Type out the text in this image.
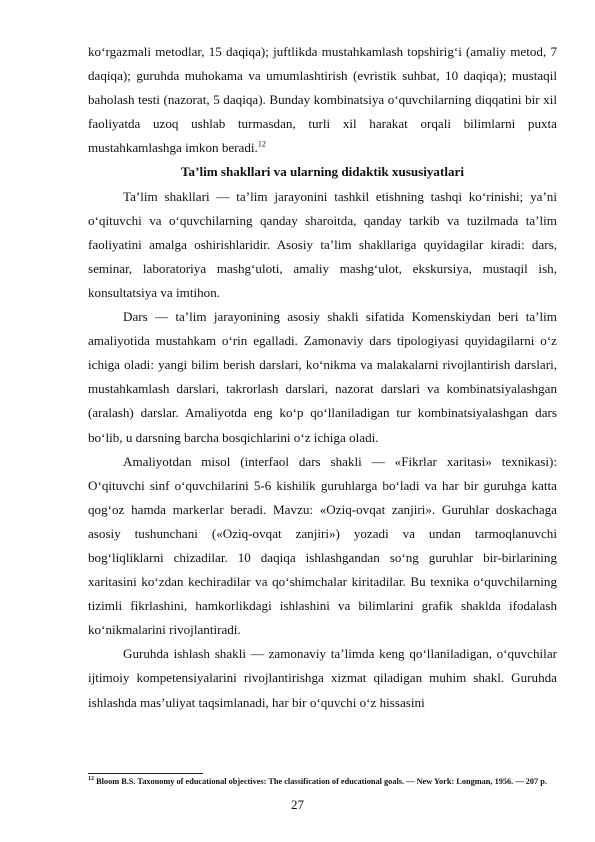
ko‘rgazmali metodlar, 15 daqiqa); juftlikda mustahkamlash topshirig‘i (amaliy metod, 7 daqiqa); guruhda muhokama va umumlashtirish (evristik suhbat, 10 daqiqa); mustaqil baholash testi (nazorat, 5 daqiqa). Bunday kombinatsiya o‘quvchilarning diqqatini bir xil faoliyatda uzoq ushlab turmasdan, turli xil harakat orqali bilimlarni puxta mustahkamlashga imkon beradi.$^{12}$

Ta’lim shakllari va ularning didaktik xususiyatlari

Ta’lim shakllari — ta’lim jarayonini tashkil etishning tashqi ko‘rinishi; ya’ni o‘qituvchi va o‘quvchilarning qanday sharoitda, qanday tarkib va tuzilmada ta’lim faoliyatini amalga oshirishlaridir. Asosiy ta’lim shakllariga quyidagilar kiradi: dars, seminar, laboratoriya mashg‘uloti, amaliy mashg‘ulot, ekskursiya, mustaqil ish, konsultatsiya va imtihon.

Dars — ta’lim jarayonining asosiy shakli sifatida Komenskiydan beri ta’lim amaliyotida mustahkam o‘rin egalladi. Zamonaviy dars tipologiyasi quyidagilarni o‘z ichiga oladi: yangi bilim berish darslari, ko‘nikma va malakalarni rivojlantirish darslari, mustahkamlash darslari, takrorlash darslari, nazorat darslari va kombinatsiyalashgan (aralash) darslar. Amaliyotda eng ko‘p qo‘llaniladigan tur kombinatsiyalashgan dars bo‘lib, u darsning barcha bosqichlarini o‘z ichiga oladi.

Amaliyotdan misol (interfaol dars shakli — «Fikrlar xaritasi» texnikasi): O‘qituvchi sinf o‘quvchilarini 5-6 kishilik guruhlarga bo‘ladi va har bir guruhga katta qog‘oz hamda markerlar beradi. Mavzu: «Oziq-ovqat zanjiri». Guruhlar doskachaga asosiy tushunchani («Oziq-ovqat zanjiri») yozadi va undan tarmoqlanuvchi bog‘liqliklarni chizadilar. 10 daqiqa ishlashgandan so‘ng guruhlar bir-birlarining xaritasini ko‘zdan kechiradilar va qo‘shimchalar kiritadilar. Bu texnika o‘quvchilarning tizimli fikrlashini, hamkorlikdagi ishlashini va bilimlarini grafik shaklda ifodalash ko‘nikmalarini rivojlantiradi.

Guruhda ishlash shakli — zamonaviy ta’limda keng qo‘llaniladigan, o‘quvchilar ijtimoiy kompetensiyalarini rivojlantirishga xizmat qiladigan muhim shakl. Guruhda ishlashda mas’uliyat taqsimlanadi, har bir o‘quvchi o‘z hissasini

$^{12}$ Bloom B.S. Taxonomy of educational objectives: The classification of educational goals. — New York: Longman, 1956. — 207 p.
27
